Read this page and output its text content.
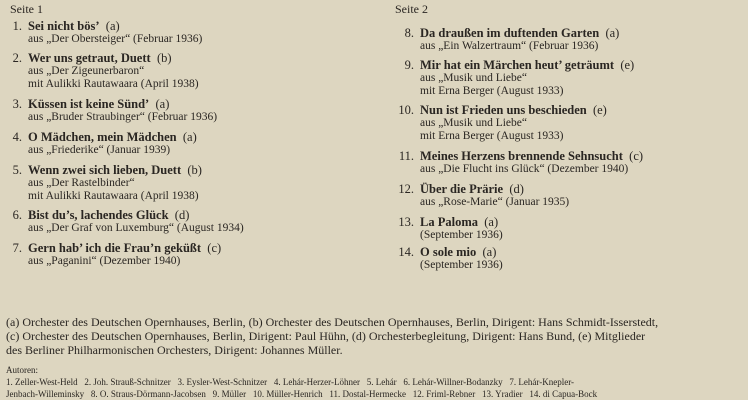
Seite 1	Seite 2
1. Sei nicht bös’ (a)
aus „Der Obersteiger“ (Februar 1936)
2. Wer uns getraut, Duett (b)
aus „Der Zigeunerbaron“
mit Aulikki Rautawaara (April 1938)
3. Küssen ist keine Sünd’ (a)
aus „Bruder Straubinger“ (Februar 1936)
4. O Mädchen, mein Mädchen (a)
aus „Friederike“ (Januar 1939)
5. Wenn zwei sich lieben, Duett (b)
aus „Der Rastelbinder“
mit Aulikki Rautawaara (April 1938)
6. Bist du’s, lachendes Glück (d)
aus „Der Graf von Luxemburg“ (August 1934)
7. Gern hab’ ich die Frau’n geküßt (c)
aus „Paganini“ (Dezember 1940)
8. Da draußen im duftenden Garten (a)
aus „Ein Walzertraum“ (Februar 1936)
9. Mir hat ein Märchen heut’ geträumt (e)
aus „Musik und Liebe“
mit Erna Berger (August 1933)
10. Nun ist Frieden uns beschieden (e)
aus „Musik und Liebe“
mit Erna Berger (August 1933)
11. Meines Herzens brennende Sehnsucht (c)
aus „Die Flucht ins Glück“ (Dezember 1940)
12. Über die Prärie (d)
aus „Rose-Marie“ (Januar 1935)
13. La Paloma (a)
(September 1936)
14. O sole mio (a)
(September 1936)
(a) Orchester des Deutschen Opernhauses, Berlin, (b) Orchester des Deutschen Opernhauses, Berlin, Dirigent: Hans Schmidt-Isserstedt,
(c) Orchester des Deutschen Opernhauses, Berlin, Dirigent: Paul Hühn, (d) Orchesterbegleitung, Dirigent: Hans Bund, (e) Mitglieder
des Berliner Philharmonischen Orchesters, Dirigent: Johannes Müller.
Autoren:
1. Zeller-West-Held   2. Joh. Strauß-Schnitzer   3. Eysler-West-Schnitzer   4. Lehár-Herzer-Löhner   5. Lehár   6. Lehár-Willner-Bodanzky   7. Lehár-Knepler-
Jenbach-Willeminsky   8. O. Straus-Dörmann-Jacobsen   9. Müller   10. Müller-Henrich   11. Dostal-Hermecke   12. Friml-Rebner   13. Yradier   14. di Capua-Bock
